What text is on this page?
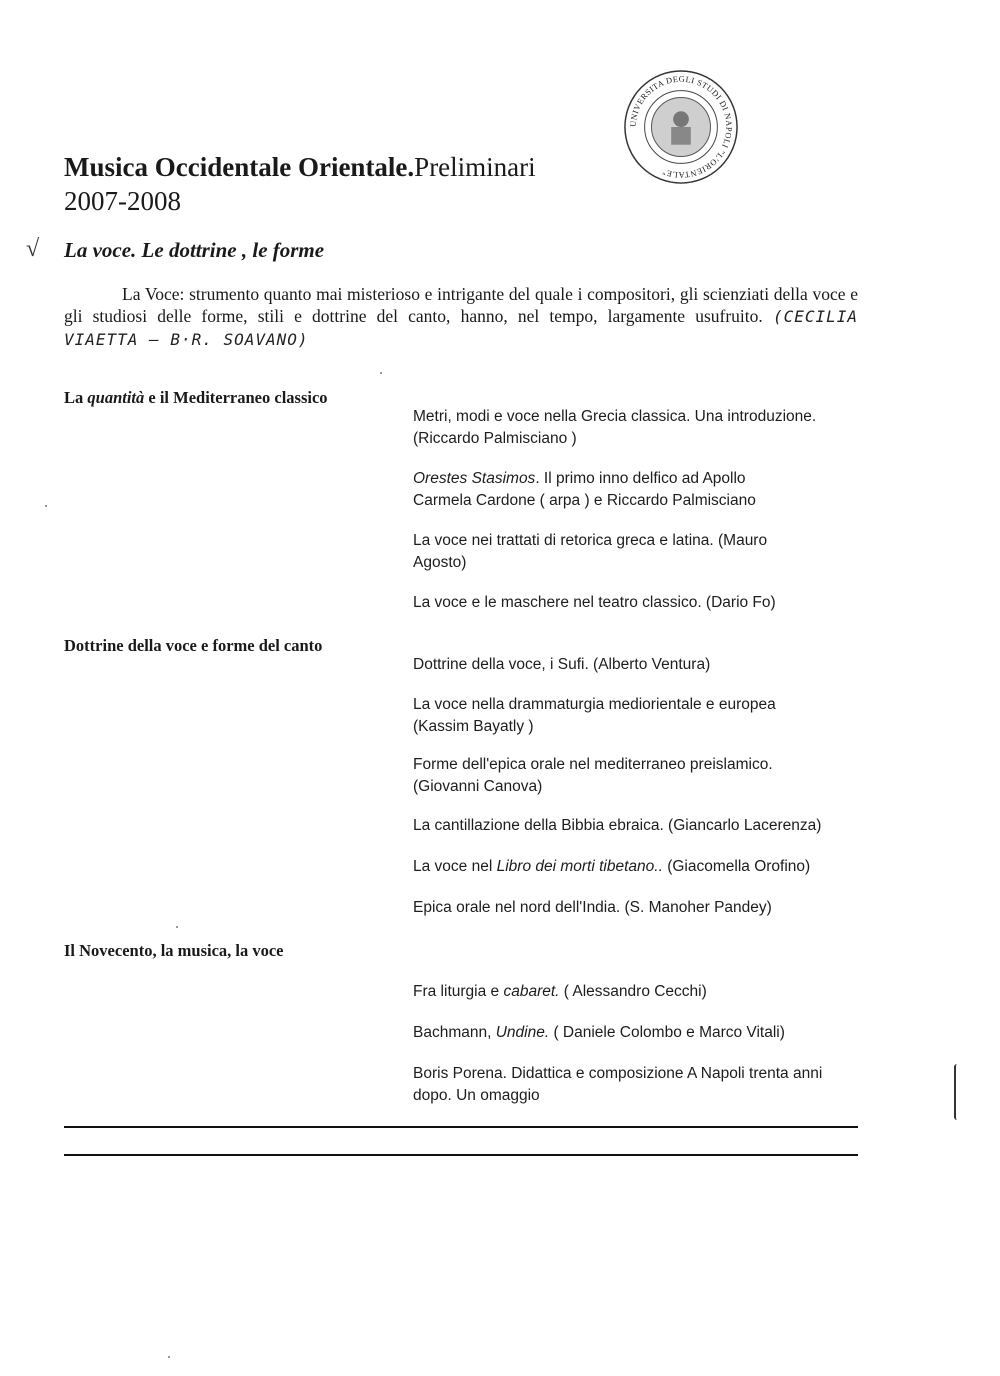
UNIVERSITA DEGLI STUDI DI NAPOLI "L'ORIENTALE"
Musica Occidentale Orientale.Preliminari
2007-2008
√ La voce. Le dottrine , le forme
La Voce: strumento quanto mai misterioso e intrigante del quale i compositori, gli scienziati della voce e gli studiosi delle forme, stili e dottrine del canto, hanno, nel tempo, largamente usufruito. (CECILIA VIAETTA – B·R. SOAVANO)
La quantità e il Mediterraneo classico
Metri, modi e voce nella Grecia classica. Una introduzione.
(Riccardo Palmisciano )
Orestes Stasimos. Il primo inno delfico ad Apollo
Carmela Cardone ( arpa ) e Riccardo Palmisciano
La voce nei trattati di retorica greca e latina. (Mauro
Agosto)
La voce e le maschere nel teatro classico. (Dario Fo)
Dottrine della voce e forme del canto
Dottrine della voce, i Sufi. (Alberto Ventura)
La voce nella drammaturgia mediorientale e europea
(Kassim Bayatly )
Forme dell'epica orale nel mediterraneo preislamico.
(Giovanni Canova)
La cantillazione della Bibbia ebraica. (Giancarlo Lacerenza)
La voce nel Libro dei morti tibetano.. (Giacomella Orofino)
Epica orale nel nord dell'India. (S. Manoher Pandey)
Il Novecento, la musica, la voce
Fra liturgia e cabaret. ( Alessandro Cecchi)
Bachmann, Undine. ( Daniele Colombo e Marco Vitali)
Boris Porena. Didattica e composizione A Napoli trenta anni
dopo. Un omaggio
